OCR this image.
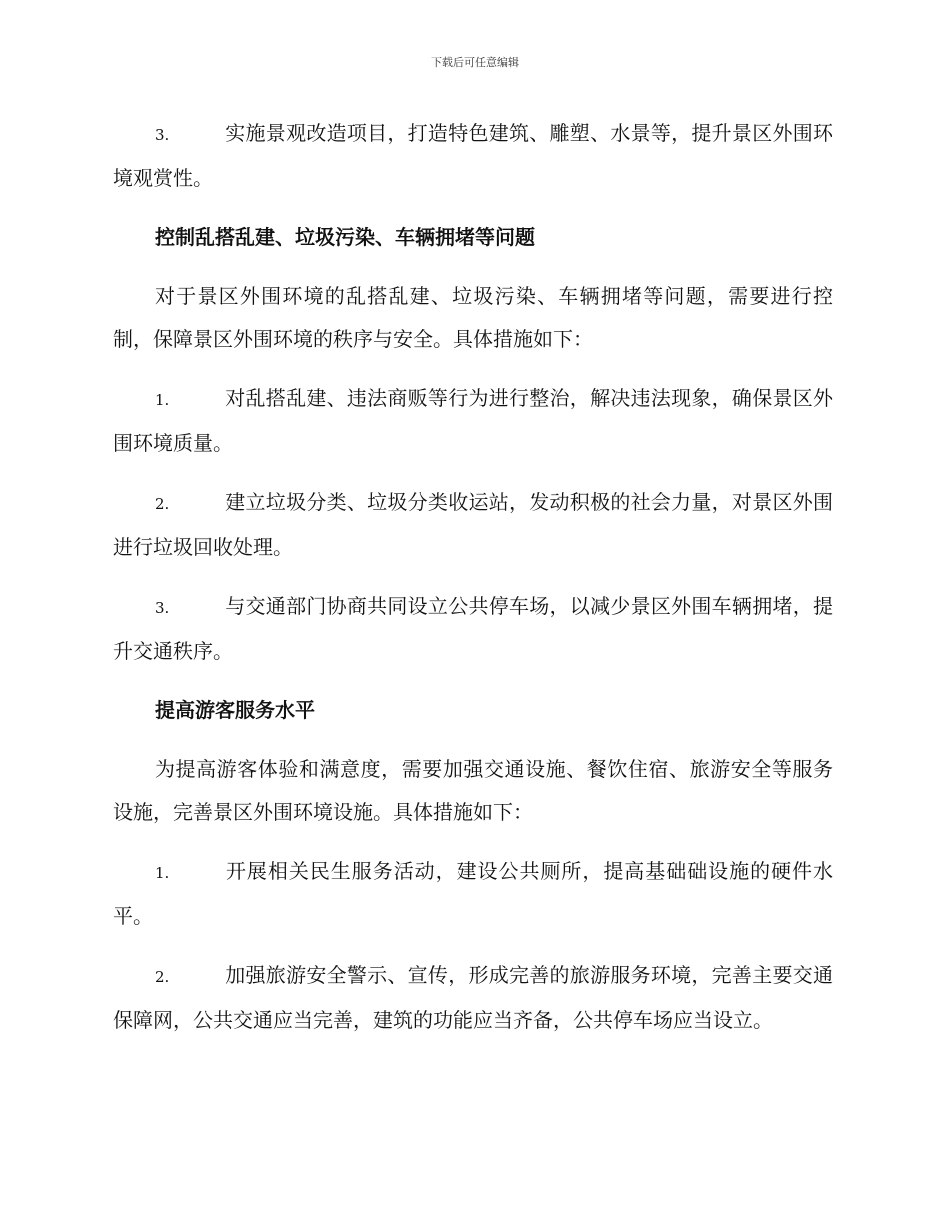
下载后可任意编辑

3.	实施景观改造项目，打造特色建筑、雕塑、水景等，提升景区外围环境观赏性。

控制乱搭乱建、垃圾污染、车辆拥堵等问题

对于景区外围环境的乱搭乱建、垃圾污染、车辆拥堵等问题，需要进行控制，保障景区外围环境的秩序与安全。具体措施如下：

1.	对乱搭乱建、违法商贩等行为进行整治，解决违法现象，确保景区外围环境质量。

2.	建立垃圾分类、垃圾分类收运站，发动积极的社会力量，对景区外围进行垃圾回收处理。

3.	与交通部门协商共同设立公共停车场，以减少景区外围车辆拥堵，提升交通秩序。

提高游客服务水平

为提高游客体验和满意度，需要加强交通设施、餐饮住宿、旅游安全等服务设施，完善景区外围环境设施。具体措施如下：

1.	开展相关民生服务活动，建设公共厕所，提高基础础设施的硬件水平。

2.	加强旅游安全警示、宣传，形成完善的旅游服务环境，完善主要交通保障网，公共交通应当完善，建筑的功能应当齐备，公共停车场应当设立。
